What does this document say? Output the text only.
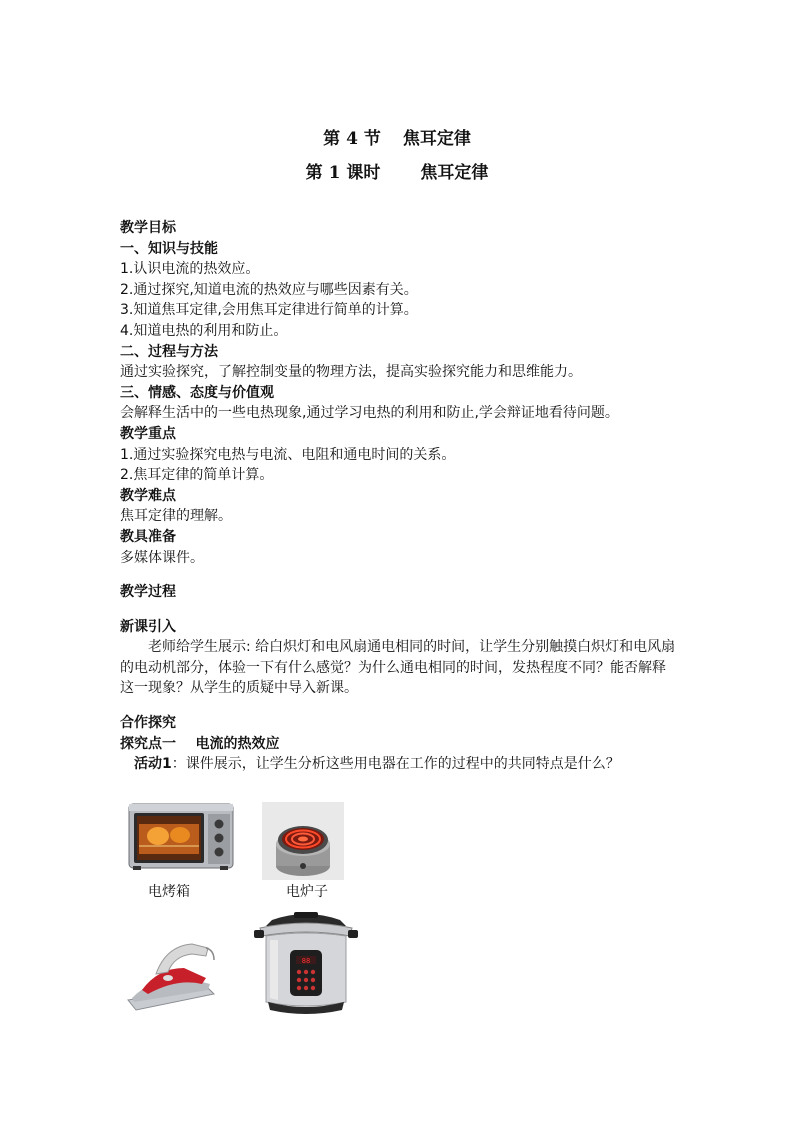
第 4 节 焦耳定律
第 1 课时 焦耳定律
教学目标
一、知识与技能
1.认识电流的热效应。
2.通过探究,知道电流的热效应与哪些因素有关。
3.知道焦耳定律,会用焦耳定律进行简单的计算。
4.知道电热的利用和防止。
二、过程与方法
通过实验探究，了解控制变量的物理方法，提高实验探究能力和思维能力。
三、情感、态度与价值观
会解释生活中的一些电热现象,通过学习电热的利用和防止,学会辩证地看待问题。
教学重点
1.通过实验探究电热与电流、电阻和通电时间的关系。
2.焦耳定律的简单计算。
教学难点
焦耳定律的理解。
教具准备
多媒体课件。
教学过程
新课引入
老师给学生展示: 给白炽灯和电风扇通电相同的时间，让学生分别触摸白炽灯和电风扇的电动机部分，体验一下有什么感觉？为什么通电相同的时间，发热程度不同？能否解释这一现象？从学生的质疑中导入新课。
合作探究
探究点一 电流的热效应
活动1：课件展示，让学生分析这些用电器在工作的过程中的共同特点是什么？
电烤箱	电炉子
88
